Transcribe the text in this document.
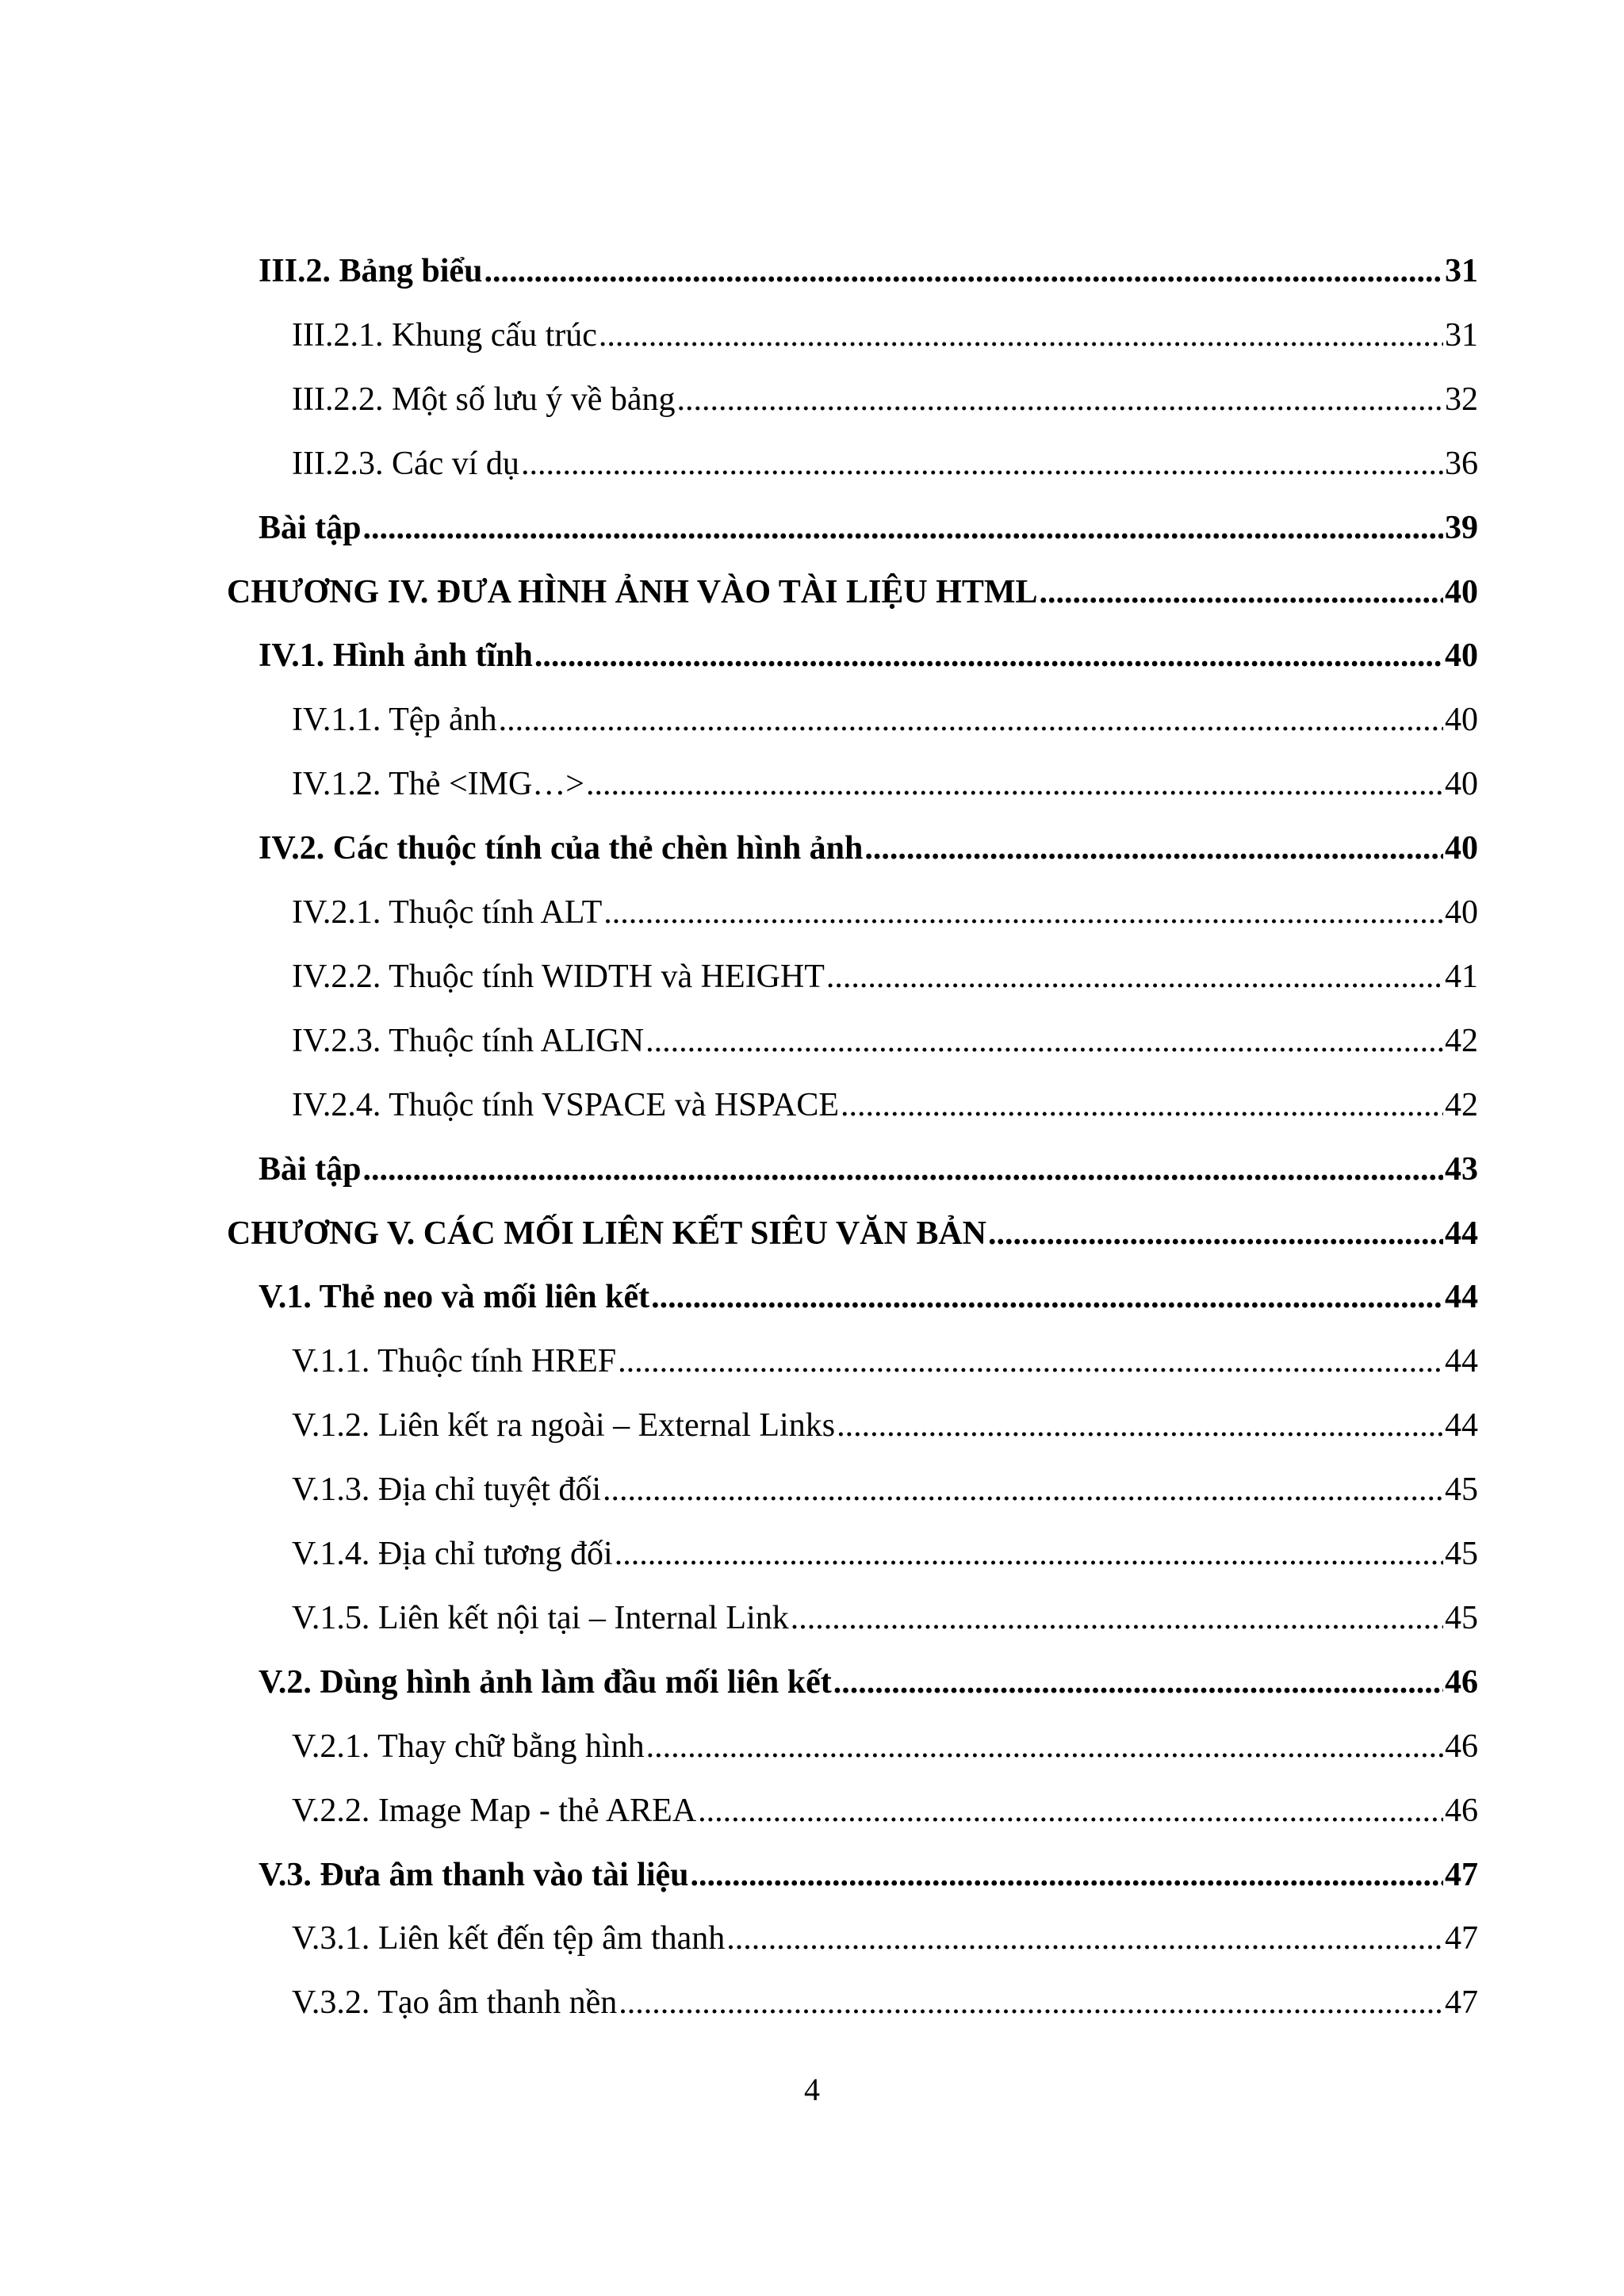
III.2. Bảng biểu .....	31
III.2.1. Khung cấu trúc .....	31
III.2.2. Một số lưu ý về bảng .....	32
III.2.3. Các ví dụ .....	36
Bài tập .....	39
CHƯƠNG IV. ĐƯA HÌNH ẢNH VÀO TÀI LIỆU HTML .....	40
IV.1. Hình ảnh tĩnh .....	40
IV.1.1. Tệp ảnh .....	40
IV.1.2. Thẻ <IMG…> .....	40
IV.2. Các thuộc tính của thẻ chèn hình ảnh .....	40
IV.2.1. Thuộc tính ALT .....	40
IV.2.2. Thuộc tính WIDTH và HEIGHT .....	41
IV.2.3. Thuộc tính ALIGN .....	42
IV.2.4. Thuộc tính VSPACE và HSPACE .....	42
Bài tập .....	43
CHƯƠNG V. CÁC MỐI LIÊN KẾT SIÊU VĂN BẢN .....	44
V.1. Thẻ neo và mối liên kết .....	44
V.1.1. Thuộc tính HREF .....	44
V.1.2. Liên kết ra ngoài – External Links .....	44
V.1.3. Địa chỉ tuyệt đối .....	45
V.1.4. Địa chỉ tương đối .....	45
V.1.5. Liên kết nội tại – Internal Link .....	45
V.2. Dùng hình ảnh làm đầu mối liên kết .....	46
V.2.1. Thay chữ bằng hình .....	46
V.2.2. Image Map - thẻ AREA .....	46
V.3. Đưa âm thanh vào tài liệu .....	47
V.3.1. Liên kết đến tệp âm thanh .....	47
V.3.2. Tạo âm thanh nền .....	47
4
